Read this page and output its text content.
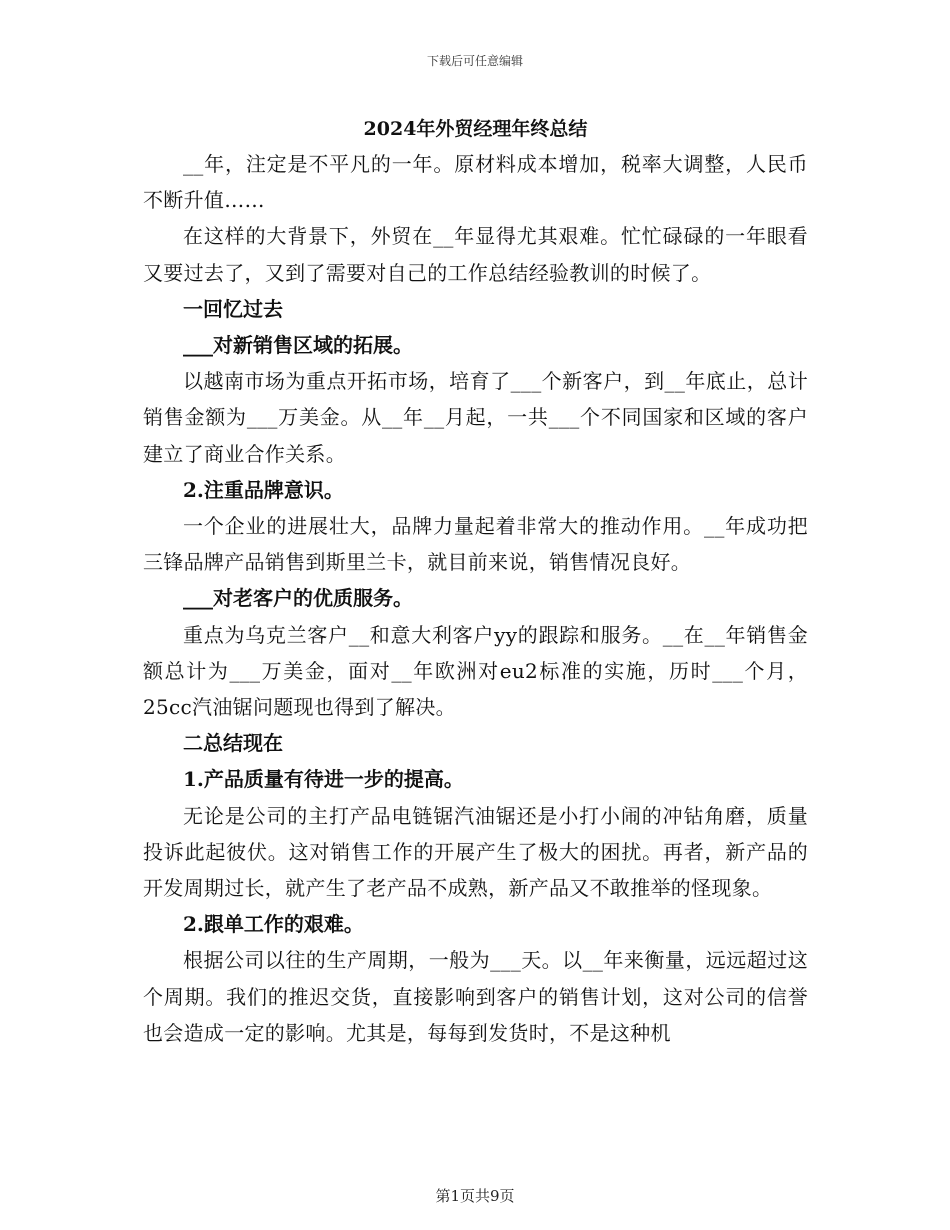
下载后可任意编辑
2024年外贸经理年终总结
__年，注定是不平凡的一年。原材料成本增加，税率大调整，人民币不断升值……
在这样的大背景下，外贸在__年显得尤其艰难。忙忙碌碌的一年眼看又要过去了，又到了需要对自己的工作总结经验教训的时候了。
一回忆过去
___对新销售区域的拓展。
以越南市场为重点开拓市场，培育了___个新客户，到__年底止，总计销售金额为___万美金。从__年__月起，一共___个不同国家和区域的客户建立了商业合作关系。
2.注重品牌意识。
一个企业的进展壮大，品牌力量起着非常大的推动作用。__年成功把三锋品牌产品销售到斯里兰卡，就目前来说，销售情况良好。
___对老客户的优质服务。
重点为乌克兰客户__和意大利客户yy的跟踪和服务。__在__年销售金额总计为___万美金，面对__年欧洲对eu2标准的实施，历时___个月，25cc汽油锯问题现也得到了解决。
二总结现在
1.产品质量有待进一步的提高。
无论是公司的主打产品电链锯汽油锯还是小打小闹的冲钻角磨，质量投诉此起彼伏。这对销售工作的开展产生了极大的困扰。再者，新产品的开发周期过长，就产生了老产品不成熟，新产品又不敢推举的怪现象。
2.跟单工作的艰难。
根据公司以往的生产周期，一般为___天。以__年来衡量，远远超过这个周期。我们的推迟交货，直接影响到客户的销售计划，这对公司的信誉也会造成一定的影响。尤其是，每每到发货时，不是这种机
第1页共9页
